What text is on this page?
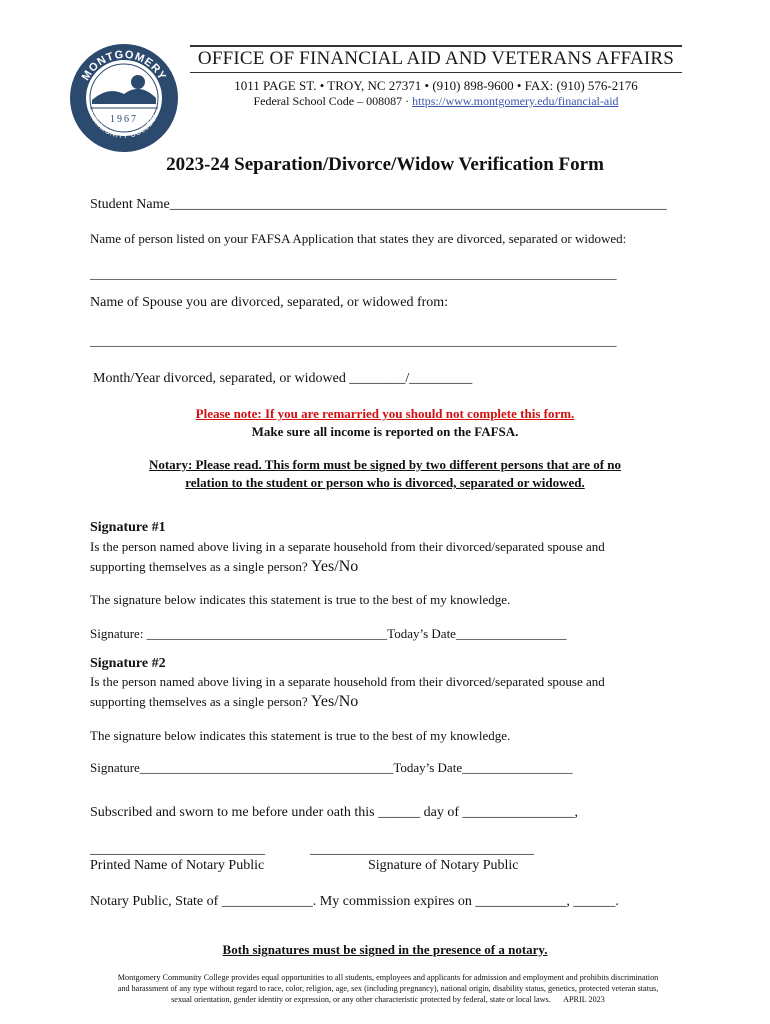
MONTGOMERY
COMMUNITY COLLEGE
1967
OFFICE OF FINANCIAL AID AND VETERANS AFFAIRS
1011 PAGE ST. • TROY, NC 27371 • (910) 898-9600 • FAX: (910) 576-2176
Federal School Code – 008087 · https://www.montgomery.edu/financial-aid
2023-24 Separation/Divorce/Widow Verification Form
Student Name_______________________________________________________________________
Name of person listed on your FAFSA Application that states they are divorced, separated or widowed:
_________________________________________________________________________________
Name of Spouse you are divorced, separated, or widowed from:
_________________________________________________________________________________
Month/Year divorced, separated, or widowed ________/_________
Please note: If you are remarried you should not complete this form.
Make sure all income is reported on the FAFSA.
Notary: Please read. This form must be signed by two different persons that are of no
relation to the student or person who is divorced, separated or widowed.
Signature #1
Is the person named above living in a separate household from their divorced/separated spouse and
supporting themselves as a single person? Yes/No
The signature below indicates this statement is true to the best of my knowledge.
Signature: _____________________________________Today’s Date_________________
Signature #2
Is the person named above living in a separate household from their divorced/separated spouse and
supporting themselves as a single person? Yes/No
The signature below indicates this statement is true to the best of my knowledge.
Signature_______________________________________Today’s Date_________________
Subscribed and sworn to me before under oath this ______ day of ________________,
_________________________	________________________________
Printed Name of Notary Public	Signature of Notary Public
Notary Public, State of _____________. My commission expires on _____________, ______.
Both signatures must be signed in the presence of a notary.
Montgomery Community College provides equal opportunities to all students, employees and applicants for admission and employment and prohibits discrimination
and harassment of any type without regard to race, color, religion, age, sex (including pregnancy), national origin, disability status, genetics, protected veteran status,
sexual orientation, gender identity or expression, or any other characteristic protected by federal, state or local laws. APRIL 2023
